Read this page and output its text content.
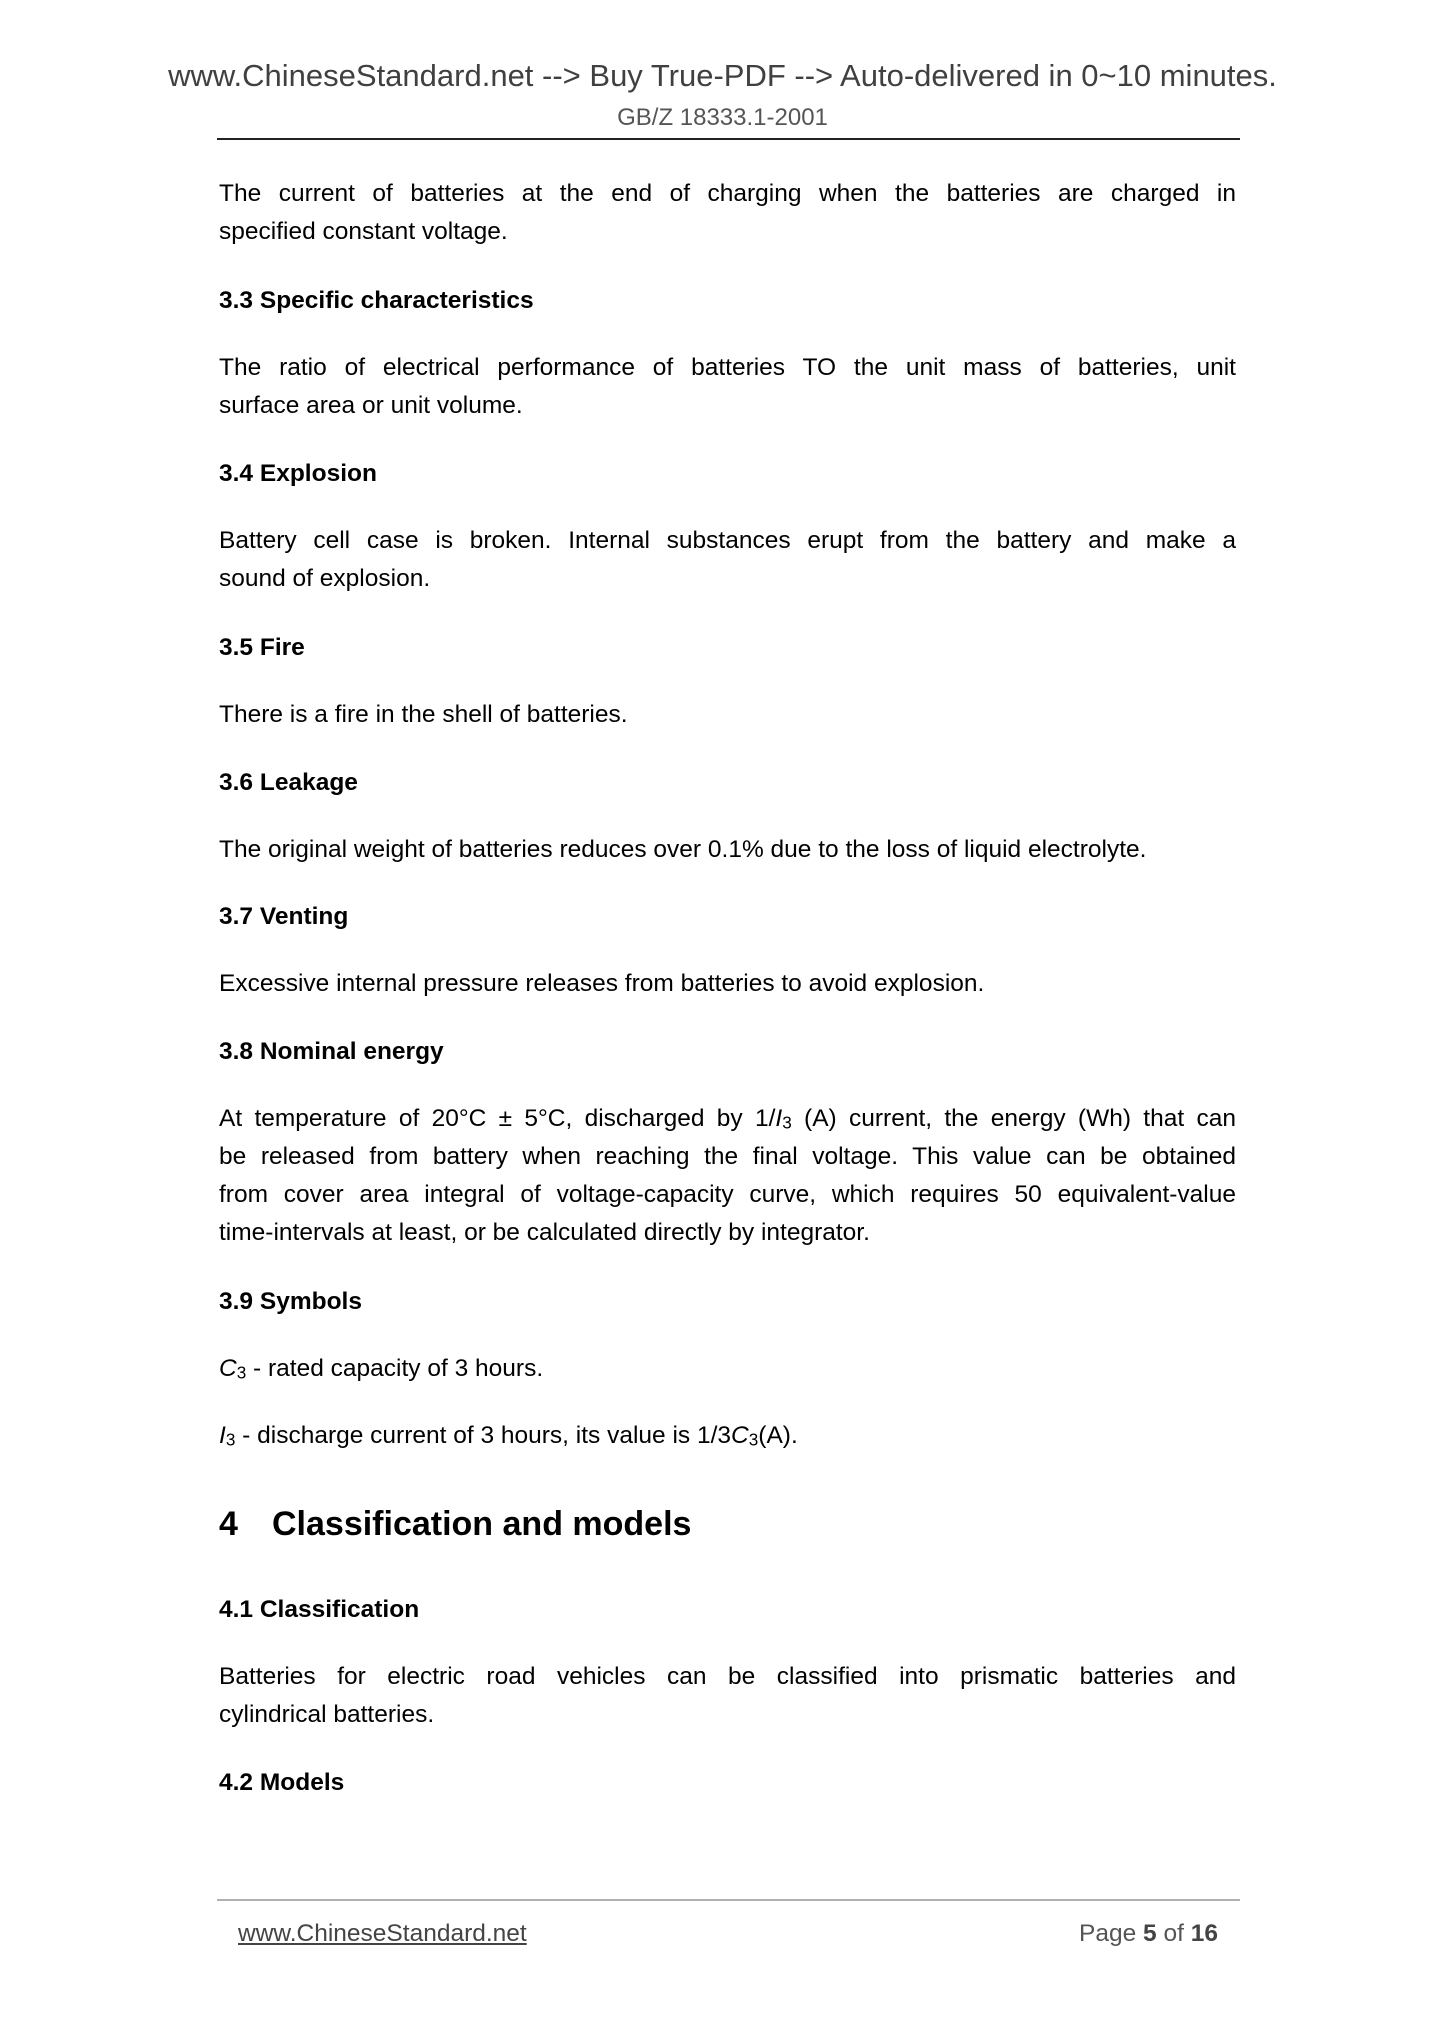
www.ChineseStandard.net --> Buy True-PDF --> Auto-delivered in 0~10 minutes.
GB/Z 18333.1-2001
The current of batteries at the end of charging when the batteries are charged in
specified constant voltage.
3.3 Specific characteristics
The ratio of electrical performance of batteries TO the unit mass of batteries, unit
surface area or unit volume.
3.4 Explosion
Battery cell case is broken. Internal substances erupt from the battery and make a
sound of explosion.
3.5 Fire
There is a fire in the shell of batteries.
3.6 Leakage
The original weight of batteries reduces over 0.1% due to the loss of liquid electrolyte.
3.7 Venting
Excessive internal pressure releases from batteries to avoid explosion.
3.8 Nominal energy
At temperature of 20°C ± 5°C, discharged by $1/I_3$ (A) current, the energy (Wh) that can
be released from battery when reaching the final voltage. This value can be obtained
from cover area integral of voltage-capacity curve, which requires 50 equivalent-value
time-intervals at least, or be calculated directly by integrator.
3.9 Symbols
$C_3$ - rated capacity of 3 hours.
$I_3$ - discharge current of 3 hours, its value is $1/3C_3(A)$.
4 Classification and models
4.1 Classification
Batteries for electric road vehicles can be classified into prismatic batteries and
cylindrical batteries.
4.2 Models
www.ChineseStandard.net	Page 5 of 16
